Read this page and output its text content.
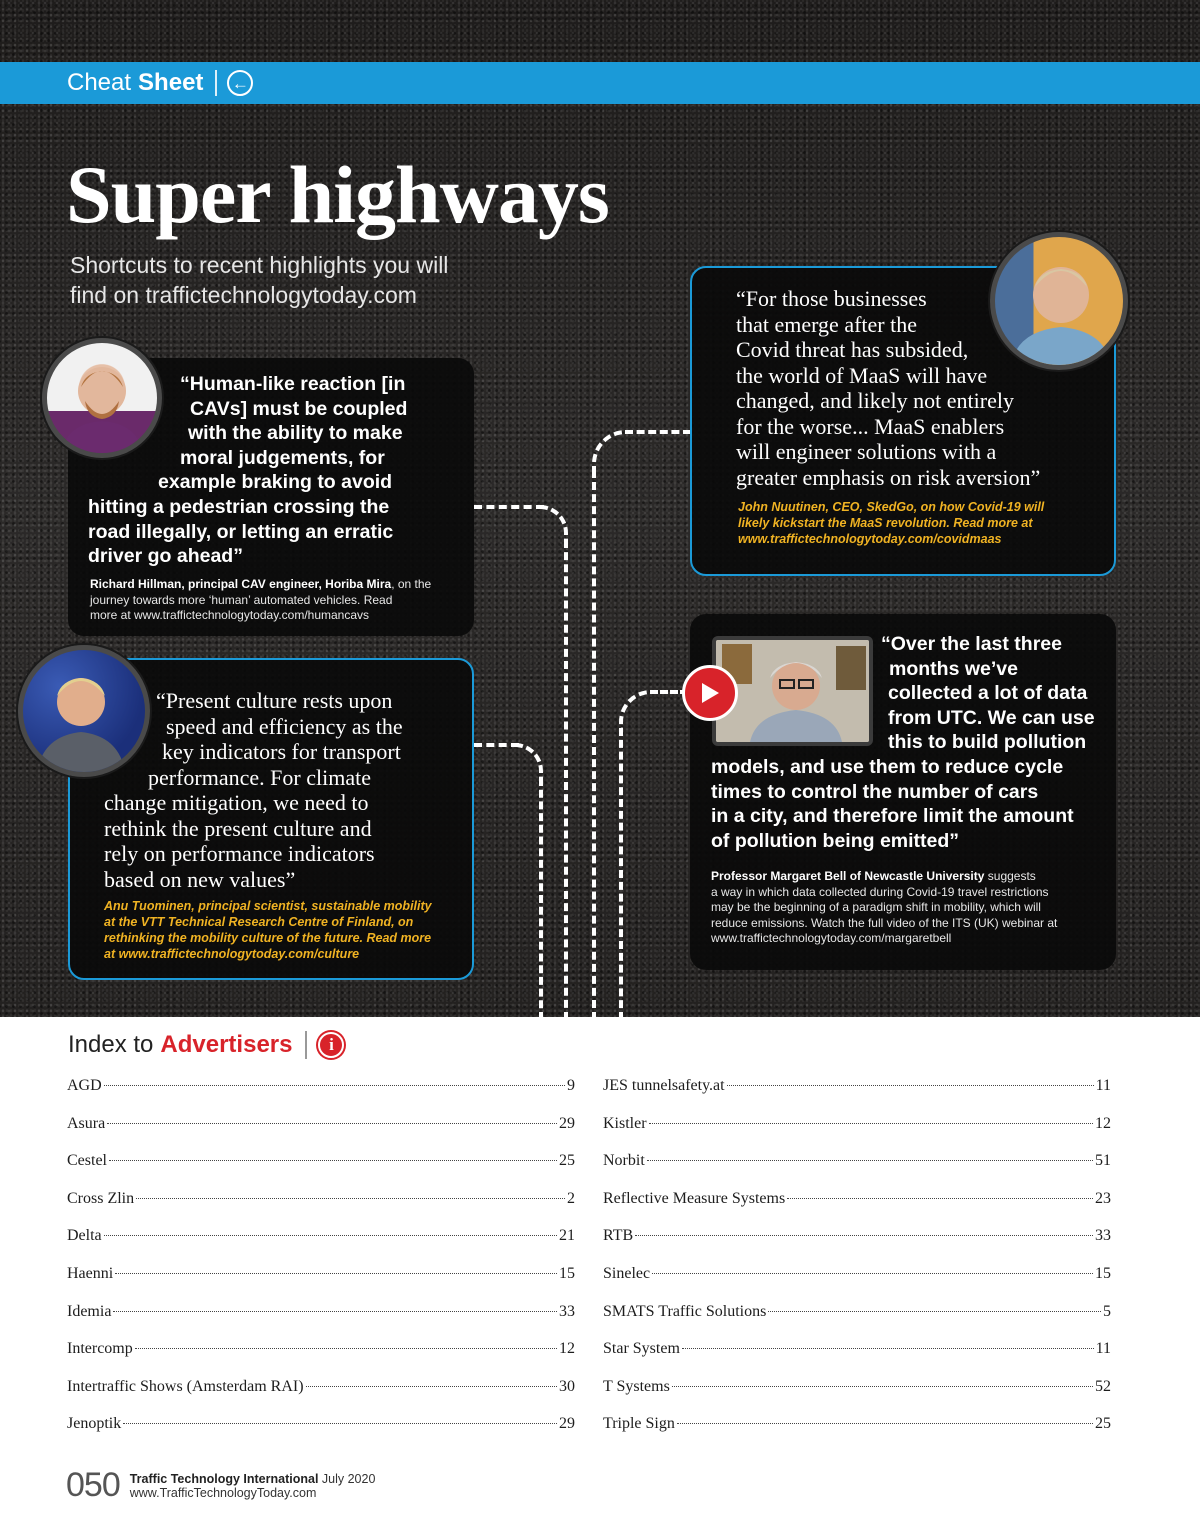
Cheat Sheet ←
Super highways

Shortcuts to recent highlights you will
find on traffictechnologytoday.com

“Human-like reaction [in
CAVs] must be coupled
with the ability to make
moral judgements, for
example braking to avoid
hitting a pedestrian crossing the
road illegally, or letting an erratic
driver go ahead”
Richard Hillman, principal CAV engineer, Horiba Mira, on the
journey towards more ‘human’ automated vehicles. Read
more at www.traffictechnologytoday.com/humancavs
“For those businesses
that emerge after the
Covid threat has subsided,
the world of MaaS will have
changed, and likely not entirely
for the worse... MaaS enablers
will engineer solutions with a
greater emphasis on risk aversion”
John Nuutinen, CEO, SkedGo, on how Covid-19 will
likely kickstart the MaaS revolution. Read more at
www.traffictechnologytoday.com/covidmaas
“Present culture rests upon
speed and efficiency as the
key indicators for transport
performance. For climate
change mitigation, we need to
rethink the present culture and
rely on performance indicators
based on new values”
Anu Tuominen, principal scientist, sustainable mobility
at the VTT Technical Research Centre of Finland, on
rethinking the mobility culture of the future. Read more
at www.traffictechnologytoday.com/culture
“Over the last three
months we’ve
collected a lot of data
from UTC. We can use
this to build pollution
models, and use them to reduce cycle
times to control the number of cars
in a city, and therefore limit the amount
of pollution being emitted”
Professor Margaret Bell of Newcastle University suggests
a way in which data collected during Covid-19 travel restrictions
may be the beginning of a paradigm shift in mobility, which will
reduce emissions. Watch the full video of the ITS (UK) webinar at
www.traffictechnologytoday.com/margaretbell
Index to Advertisers	i
AGD	9
Asura	29
Cestel	25
Cross Zlin	2
Delta	21
Haenni	15
Idemia	33
Intercomp	12
Intertraffic Shows (Amsterdam RAI)	30
Jenoptik	29
JES tunnelsafety.at	11
Kistler	12
Norbit	51
Reflective Measure Systems	23
RTB	33
Sinelec	15
SMATS Traffic Solutions	5
Star System	11
T Systems	52
Triple Sign	25
050 Traffic Technology International July 2020
www.TrafficTechnologyToday.com
